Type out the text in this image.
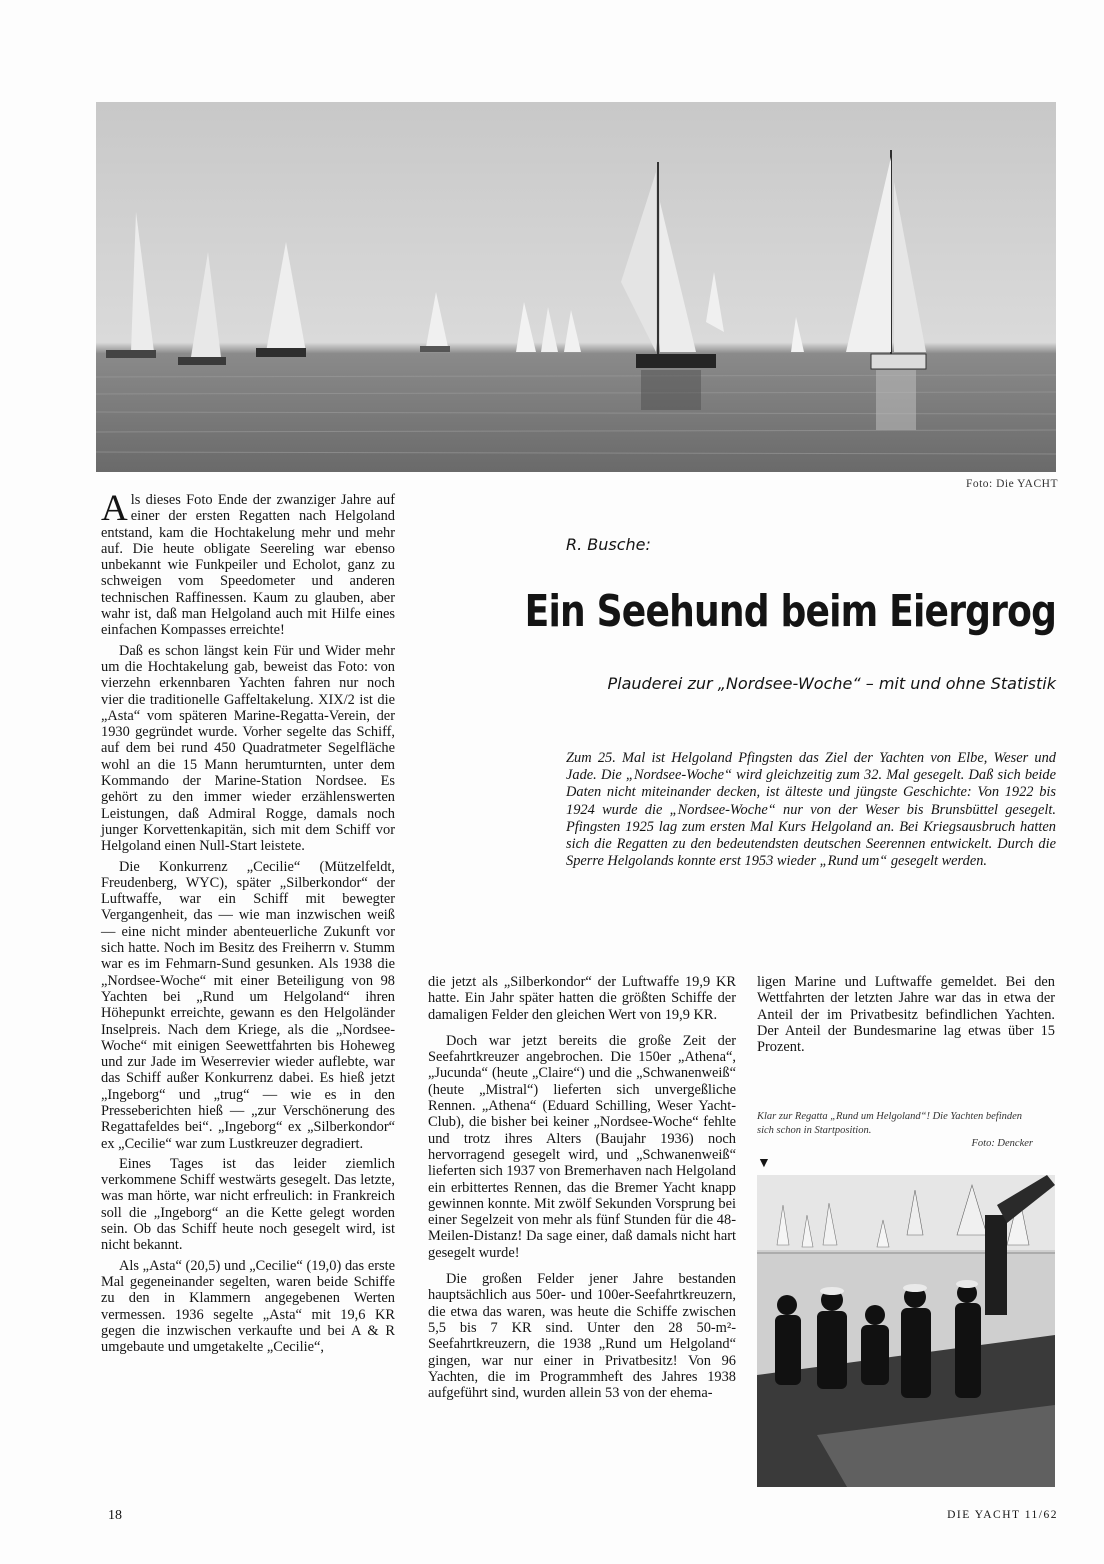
Foto: Die YACHT

Als dieses Foto Ende der zwanziger Jahre auf einer der ersten Regatten nach Helgoland entstand, kam die Hochtakelung mehr und mehr auf. Die heute obligate Seereling war ebenso unbekannt wie Funkpeiler und Echolot, ganz zu schweigen vom Speedometer und anderen technischen Raffinessen. Kaum zu glauben, aber wahr ist, daß man Helgoland auch mit Hilfe eines einfachen Kompasses erreichte!

Daß es schon längst kein Für und Wider mehr um die Hochtakelung gab, beweist das Foto: von vierzehn erkennbaren Yachten fahren nur noch vier die traditionelle Gaffeltakelung. XIX/2 ist die „Asta“ vom späteren Marine-Regatta-Verein, der 1930 gegründet wurde. Vorher segelte das Schiff, auf dem bei rund 450 Quadratmeter Segelfläche wohl an die 15 Mann herumturnten, unter dem Kommando der Marine-Station Nordsee. Es gehört zu den immer wieder erzählenswerten Leistungen, daß Admiral Rogge, damals noch junger Korvettenkapitän, sich mit dem Schiff vor Helgoland einen Null-Start leistete.

Die Konkurrenz „Cecilie“ (Mützelfeldt, Freudenberg, WYC), später „Silberkondor“ der Luftwaffe, war ein Schiff mit bewegter Vergangenheit, das — wie man inzwischen weiß — eine nicht minder abenteuerliche Zukunft vor sich hatte. Noch im Besitz des Freiherrn v. Stumm war es im Fehmarn-Sund gesunken. Als 1938 die „Nordsee-Woche“ mit einer Beteiligung von 98 Yachten bei „Rund um Helgoland“ ihren Höhepunkt erreichte, gewann es den Helgoländer Inselpreis. Nach dem Kriege, als die „Nordsee-Woche“ mit einigen Seewettfahrten bis Hoheweg und zur Jade im Weserrevier wieder auflebte, war das Schiff außer Konkurrenz dabei. Es hieß jetzt „Ingeborg“ und „trug“ — wie es in den Presseberichten hieß — „zur Verschönerung des Regattafeldes bei“. „Ingeborg“ ex „Silberkondor“ ex „Cecilie“ war zum Lustkreuzer degradiert.

Eines Tages ist das leider ziemlich verkommene Schiff westwärts gesegelt. Das letzte, was man hörte, war nicht erfreulich: in Frankreich soll die „Ingeborg“ an die Kette gelegt worden sein. Ob das Schiff heute noch gesegelt wird, ist nicht bekannt.

Als „Asta“ (20,5) und „Cecilie“ (19,0) das erste Mal gegeneinander segelten, waren beide Schiffe zu den in Klammern angegebenen Werten vermessen. 1936 segelte „Asta“ mit 19,6 KR gegen die inzwischen verkaufte und bei A & R umgebaute und umgetakelte „Cecilie“,

R. Busche:
Ein Seehund beim Eiergrog
Plauderei zur „Nordsee-Woche“ – mit und ohne Statistik
Zum 25. Mal ist Helgoland Pfingsten das Ziel der Yachten von Elbe, Weser und Jade. Die „Nordsee-Woche“ wird gleichzeitig zum 32. Mal gesegelt. Daß sich beide Daten nicht miteinander decken, ist älteste und jüngste Geschichte: Von 1922 bis 1924 wurde die „Nordsee-Woche“ nur von der Weser bis Brunsbüttel gesegelt. Pfingsten 1925 lag zum ersten Mal Kurs Helgoland an. Bei Kriegsausbruch hatten sich die Regatten zu den bedeutendsten deutschen Seerennen entwickelt. Durch die Sperre Helgolands konnte erst 1953 wieder „Rund um“ gesegelt werden.

die jetzt als „Silberkondor“ der Luftwaffe 19,9 KR hatte. Ein Jahr später hatten die größten Schiffe der damaligen Felder den gleichen Wert von 19,9 KR.

Doch war jetzt bereits die große Zeit der Seefahrtkreuzer angebrochen. Die 150er „Athena“, „Jucunda“ (heute „Claire“) und die „Schwanenweiß“ (heute „Mistral“) lieferten sich unvergeßliche Rennen. „Athena“ (Eduard Schilling, Weser Yacht-Club), die bisher bei keiner „Nordsee-Woche“ fehlte und trotz ihres Alters (Baujahr 1936) noch hervorragend gesegelt wird, und „Schwanenweiß“ lieferten sich 1937 von Bremerhaven nach Helgoland ein erbittertes Rennen, das die Bremer Yacht knapp gewinnen konnte. Mit zwölf Sekunden Vorsprung bei einer Segelzeit von mehr als fünf Stunden für die 48-Meilen-Distanz! Da sage einer, daß damals nicht hart gesegelt wurde!

Die großen Felder jener Jahre bestanden hauptsächlich aus 50er- und 100er-Seefahrtkreuzern, die etwa das waren, was heute die Schiffe zwischen 5,5 bis 7 KR sind. Unter den 28 50-m²-Seefahrtkreuzern, die 1938 „Rund um Helgoland“ gingen, war nur einer in Privatbesitz! Von 96 Yachten, die im Programmheft des Jahres 1938 aufgeführt sind, wurden allein 53 von der ehema-

ligen Marine und Luftwaffe gemeldet. Bei den Wettfahrten der letzten Jahre war das in etwa der Anteil der im Privatbesitz befindlichen Yachten. Der Anteil der Bundesmarine lag etwas über 15 Prozent.

Klar zur Regatta „Rund um Helgoland“! Die Yachten befinden sich schon in Startposition.
Foto: Dencker
▼
18	DIE YACHT 11/62
